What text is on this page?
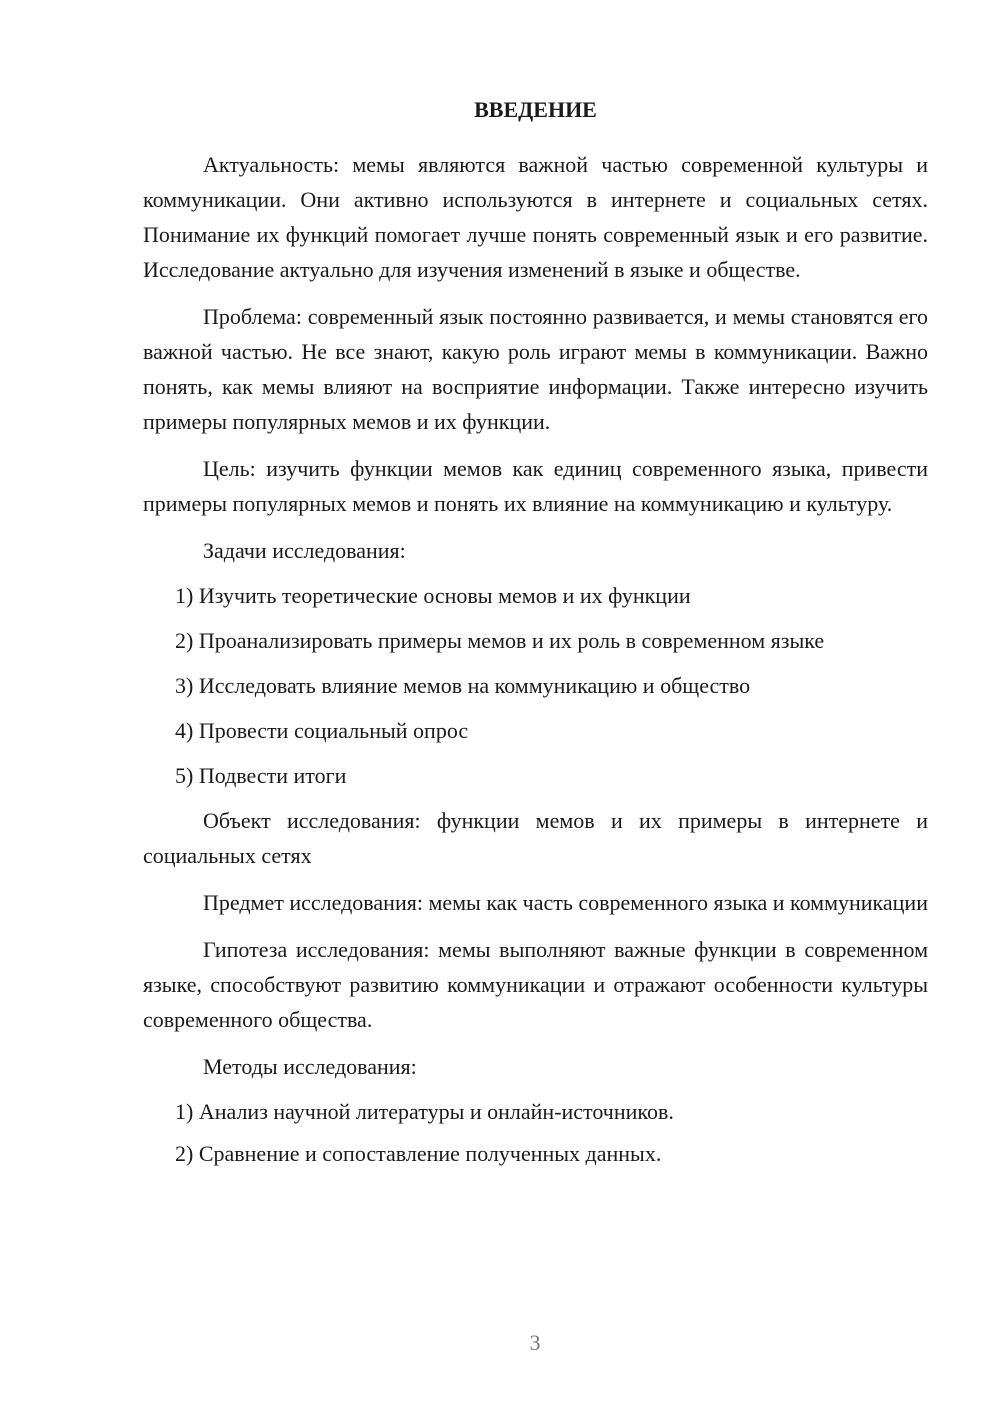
ВВЕДЕНИЕ

Актуальность: мемы являются важной частью современной культуры и коммуникации. Они активно используются в интернете и социальных сетях. Понимание их функций помогает лучше понять современный язык и его развитие. Исследование актуально для изучения изменений в языке и обществе.

Проблема: современный язык постоянно развивается, и мемы становятся его важной частью. Не все знают, какую роль играют мемы в коммуникации. Важно понять, как мемы влияют на восприятие информации. Также интересно изучить примеры популярных мемов и их функции.

Цель: изучить функции мемов как единиц современного языка, привести примеры популярных мемов и понять их влияние на коммуникацию и культуру.

Задачи исследования:

1) Изучить теоретические основы мемов и их функции
2) Проанализировать примеры мемов и их роль в современном языке
3) Исследовать влияние мемов на коммуникацию и общество
4) Провести социальный опрос
5) Подвести итоги

Объект исследования: функции мемов и их примеры в интернете и социальных сетях

Предмет исследования: мемы как часть современного языка и коммуникации

Гипотеза исследования: мемы выполняют важные функции в современном языке, способствуют развитию коммуникации и отражают особенности культуры современного общества.

Методы исследования:

1) Анализ научной литературы и онлайн-источников.
2) Сравнение и сопоставление полученных данных.
3
